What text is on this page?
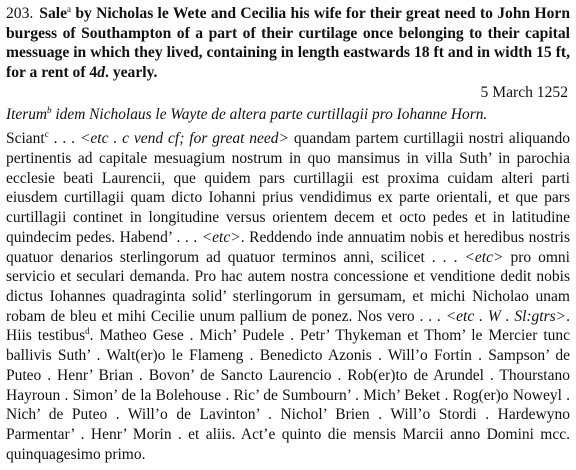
203. Sale$^a$ by Nicholas le Wete and Cecilia his wife for their great need to John Horn burgess of Southampton of a part of their curtilage once belonging to their capital messuage in which they lived, containing in length eastwards 18 ft and in width 15 ft, for a rent of 4d. yearly.

5 March 1252
Iterum$^b$ idem Nicholaus le Wayte de altera parte curtillagii pro Iohanne Horn.

Sciant$^c$ . . . <etc . c vend cf; for great need> quandam partem curtillagii nostri aliquando pertinentis ad capitale mesuagium nostrum in quo mansimus in villa Suth’ in parochia ecclesie beati Laurencii, que quidem pars curtillagii est proxima cuidam alteri parti eiusdem curtillagii quam dicto Iohanni prius vendidimus ex parte orientali, et que pars curtillagii continet in longitudine versus orientem decem et octo pedes et in latitudine quindecim pedes. Habend’ . . . <etc>. Reddendo inde annuatim nobis et heredibus nostris quatuor denarios sterlingorum ad quatuor terminos anni, scilicet . . . <etc> pro omni servicio et seculari demanda. Pro hac autem nostra concessione et venditione dedit nobis dictus Iohannes quadraginta solid’ sterlingorum in gersumam, et michi Nicholao unam robam de bleu et mihi Cecilie unum pallium de ponez. Nos vero . . . <etc . W . Sl:gtrs>. Hiis testibus$^d$. Matheo Gese . Mich’ Pudele . Petr’ Thykeman et Thom’ le Mercier tunc ballivis Suth’ . Walt(er)o le Flameng . Benedicto Azonis . Will’o Fortin . Sampson’ de Puteo . Henr’ Brian . Bovon’ de Sancto Laurencio . Rob(er)to de Arundel . Thourstano Hayroun . Simon’ de la Bolehouse . Ric’ de Sumbourn’ . Mich’ Beket . Rog(er)o Noweyl . Nich’ de Puteo . Will’o de Lavinton’ . Nichol’ Brien . Will’o Stordi . Hardewyno Parmentar’ . Henr’ Morin . et aliis. Act’e quinto die mensis Marcii anno Domini mcc. quinquagesimo primo.
